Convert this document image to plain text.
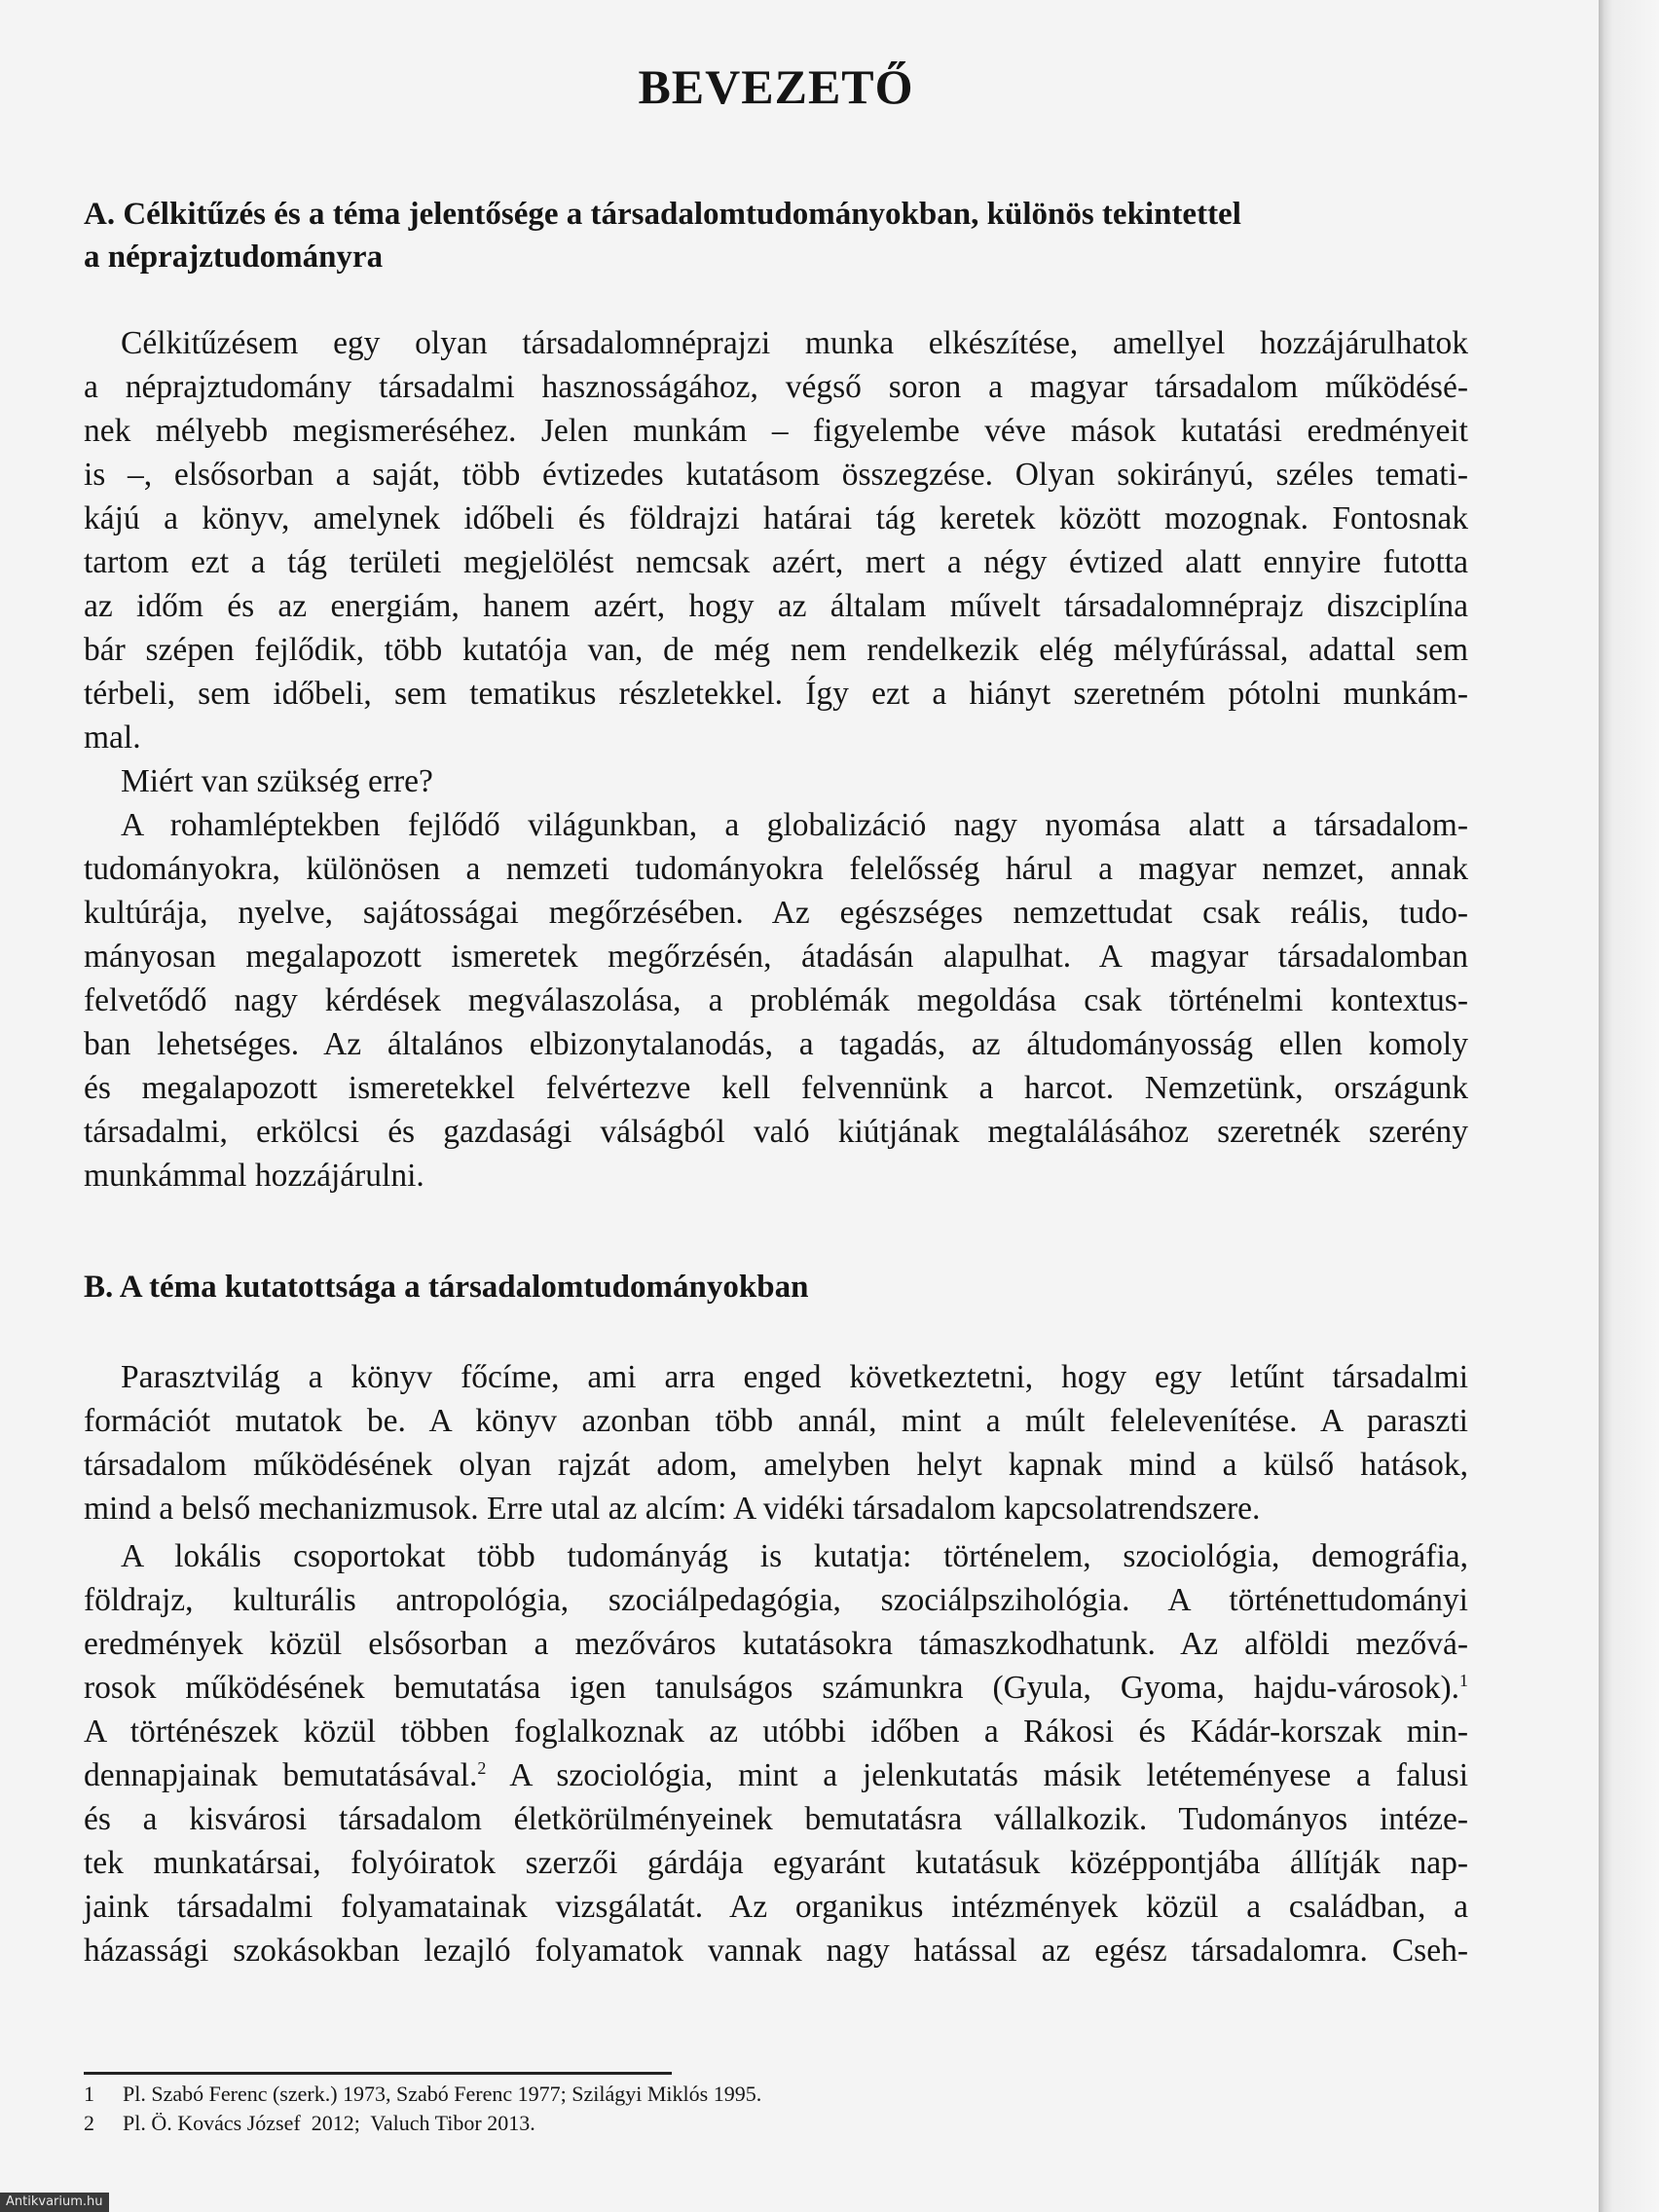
BEVEZETŐ
A. Célkitűzés és a téma jelentősége a társadalomtudományokban, különös tekintettel
a néprajztudományra
Célkitűzésem egy olyan társadalomnéprajzi munka elkészítése, amellyel hozzájárulhatok
a néprajztudomány társadalmi hasznosságához, végső soron a magyar társadalom működésé-
nek mélyebb megismeréséhez. Jelen munkám – figyelembe véve mások kutatási eredményeit
is –, elsősorban a saját, több évtizedes kutatásom összegzése. Olyan sokirányú, széles temati-
kájú a könyv, amelynek időbeli és földrajzi határai tág keretek között mozognak. Fontosnak
tartom ezt a tág területi megjelölést nemcsak azért, mert a négy évtized alatt ennyire futotta
az időm és az energiám, hanem azért, hogy az általam művelt társadalomnéprajz diszciplína
bár szépen fejlődik, több kutatója van, de még nem rendelkezik elég mélyfúrással, adattal sem
térbeli, sem időbeli, sem tematikus részletekkel. Így ezt a hiányt szeretném pótolni munkám-
mal.
Miért van szükség erre?
A rohamléptekben fejlődő világunkban, a globalizáció nagy nyomása alatt a társadalom-
tudományokra, különösen a nemzeti tudományokra felelősség hárul a magyar nemzet, annak
kultúrája, nyelve, sajátosságai megőrzésében. Az egészséges nemzettudat csak reális, tudo-
mányosan megalapozott ismeretek megőrzésén, átadásán alapulhat. A magyar társadalomban
felvetődő nagy kérdések megválaszolása, a problémák megoldása csak történelmi kontextus-
ban lehetséges. Az általános elbizonytalanodás, a tagadás, az áltudományosság ellen komoly
és megalapozott ismeretekkel felvértezve kell felvennünk a harcot. Nemzetünk, országunk
társadalmi, erkölcsi és gazdasági válságból való kiútjának megtalálásához szeretnék szerény
munkámmal hozzájárulni.
B. A téma kutatottsága a társadalomtudományokban
Parasztvilág a könyv főcíme, ami arra enged következtetni, hogy egy letűnt társadalmi
formációt mutatok be. A könyv azonban több annál, mint a múlt felelevenítése. A paraszti
társadalom működésének olyan rajzát adom, amelyben helyt kapnak mind a külső hatások,
mind a belső mechanizmusok. Erre utal az alcím: A vidéki társadalom kapcsolatrendszere.
A lokális csoportokat több tudományág is kutatja: történelem, szociológia, demográfia,
földrajz, kulturális antropológia, szociálpedagógia, szociálpszihológia. A történettudományi
eredmények közül elsősorban a mezőváros kutatásokra támaszkodhatunk. Az alföldi mezővá-
rosok működésének bemutatása igen tanulságos számunkra (Gyula, Gyoma, hajdu-városok).$^1$
A történészek közül többen foglalkoznak az utóbbi időben a Rákosi és Kádár-korszak min-
dennapjainak bemutatásával.$^2$ A szociológia, mint a jelenkutatás másik letéteményese a falusi
és a kisvárosi társadalom életkörülményeinek bemutatásra vállalkozik. Tudományos intéze-
tek munkatársai, folyóiratok szerzői gárdája egyaránt kutatásuk középpontjába állítják nap-
jaink társadalmi folyamatainak vizsgálatát. Az organikus intézmények közül a családban, a
házassági szokásokban lezajló folyamatok vannak nagy hatással az egész társadalomra. Cseh-
1	Pl. Szabó Ferenc (szerk.) 1973, Szabó Ferenc 1977; Szilágyi Miklós 1995.
2	Pl. Ö. Kovács József  2012;  Valuch Tibor 2013.
Antikvarium.hu
